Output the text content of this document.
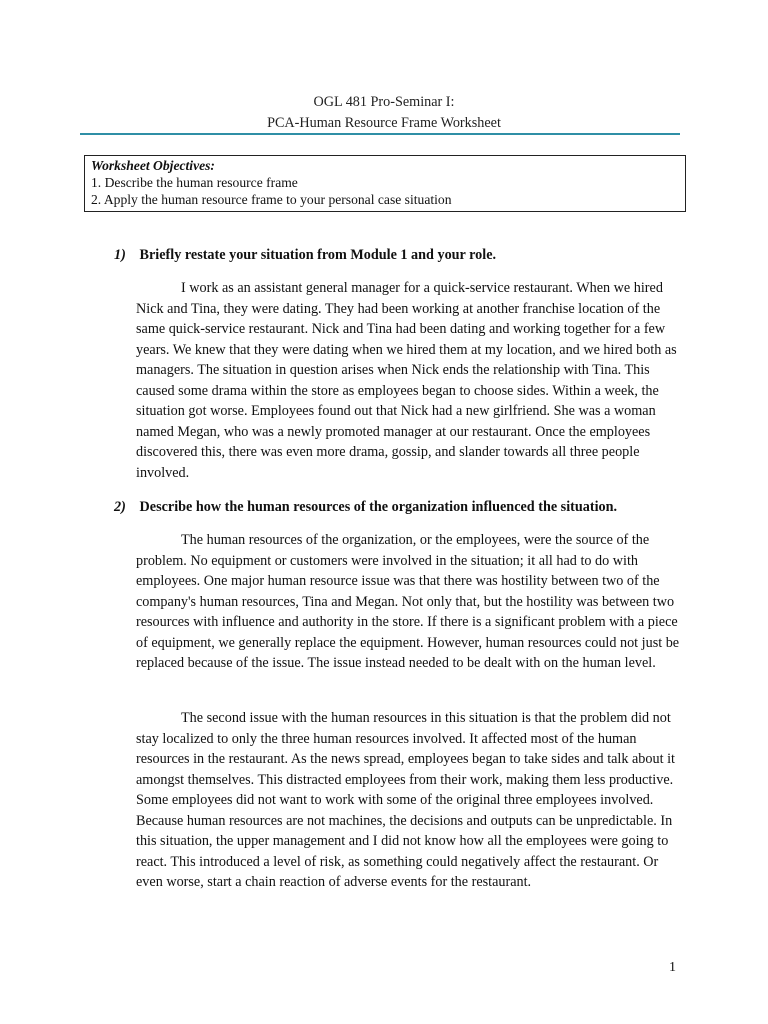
OGL 481 Pro-Seminar I:
PCA-Human Resource Frame Worksheet
Worksheet Objectives:
1. Describe the human resource frame
2. Apply the human resource frame to your personal case situation
1) Briefly restate your situation from Module 1 and your role.

I work as an assistant general manager for a quick-service restaurant. When we hired Nick and Tina, they were dating. They had been working at another franchise location of the same quick-service restaurant. Nick and Tina had been dating and working together for a few years. We knew that they were dating when we hired them at my location, and we hired both as managers. The situation in question arises when Nick ends the relationship with Tina. This caused some drama within the store as employees began to choose sides. Within a week, the situation got worse. Employees found out that Nick had a new girlfriend. She was a woman named Megan, who was a newly promoted manager at our restaurant. Once the employees discovered this, there was even more drama, gossip, and slander towards all three people involved.

2) Describe how the human resources of the organization influenced the situation.

The human resources of the organization, or the employees, were the source of the problem. No equipment or customers were involved in the situation; it all had to do with employees. One major human resource issue was that there was hostility between two of the company's human resources, Tina and Megan. Not only that, but the hostility was between two resources with influence and authority in the store. If there is a significant problem with a piece of equipment, we generally replace the equipment. However, human resources could not just be replaced because of the issue. The issue instead needed to be dealt with on the human level.

The second issue with the human resources in this situation is that the problem did not stay localized to only the three human resources involved. It affected most of the human resources in the restaurant. As the news spread, employees began to take sides and talk about it amongst themselves. This distracted employees from their work, making them less productive. Some employees did not want to work with some of the original three employees involved. Because human resources are not machines, the decisions and outputs can be unpredictable. In this situation, the upper management and I did not know how all the employees were going to react. This introduced a level of risk, as something could negatively affect the restaurant. Or even worse, start a chain reaction of adverse events for the restaurant.

1
